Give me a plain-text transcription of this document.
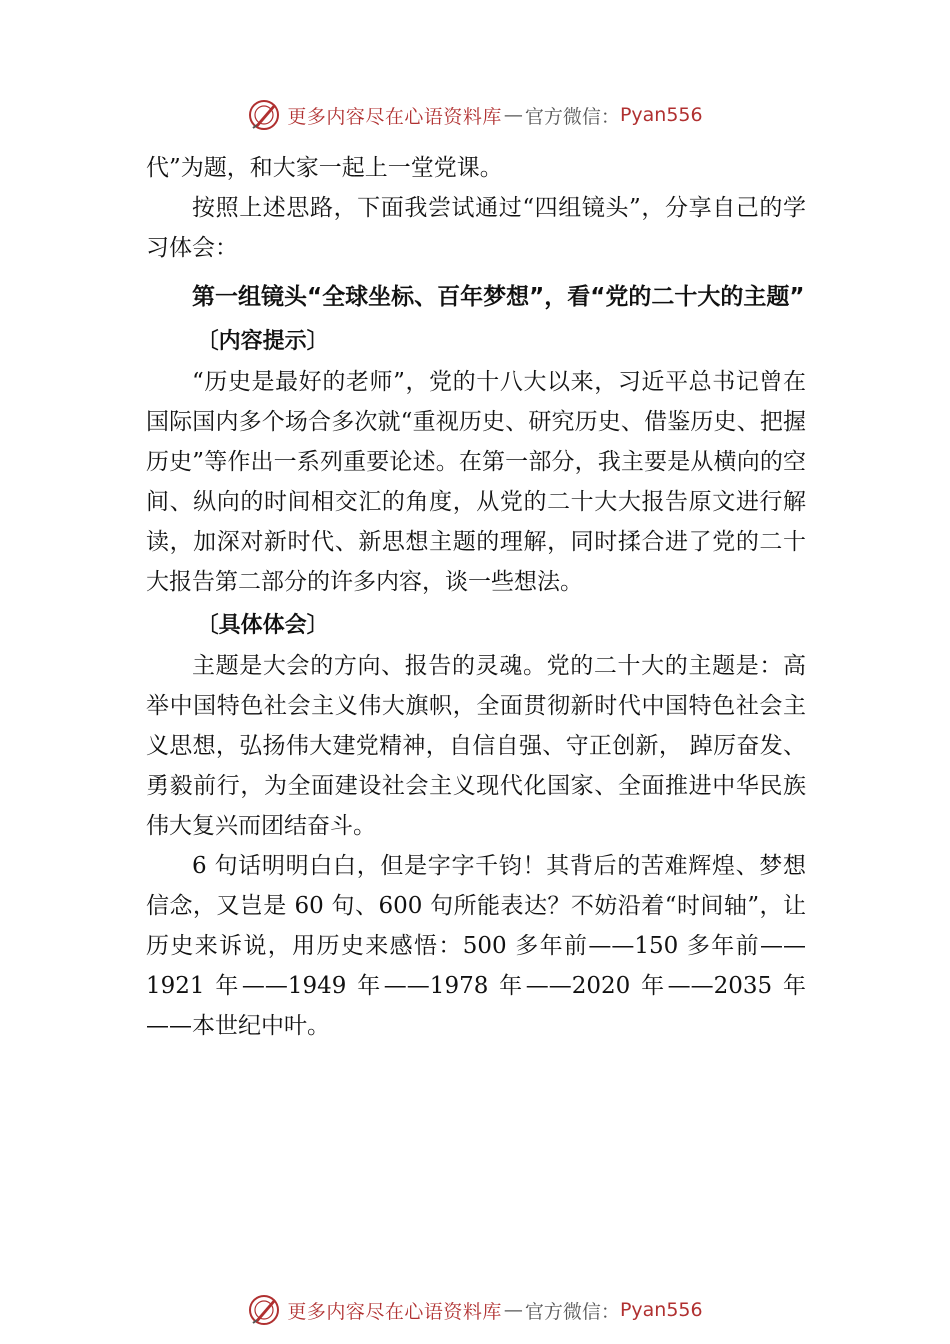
更多内容尽在心语资料库 — 官方微信： Pyan556

代”为题，和大家一起上一堂党课。

按照上述思路，下面我尝试通过“四组镜头”，分享自己的学习体会：

第一组镜头“全球坐标、百年梦想”，看“党的二十大的主题”
〔内容提示〕

“历史是最好的老师”，党的十八大以来，习近平总书记曾在国际国内多个场合多次就“重视历史、研究历史、借鉴历史、把握历史”等作出一系列重要论述。在第一部分，我主要是从横向的空间、纵向的时间相交汇的角度，从党的二十大大报告原文进行解读，加深对新时代、新思想主题的理解，同时揉合进了党的二十大报告第二部分的许多内容，谈一些想法。

〔具体体会〕

主题是大会的方向、报告的灵魂。党的二十大的主题是：高举中国特色社会主义伟大旗帜，全面贯彻新时代中国特色社会主义思想，弘扬伟大建党精神，自信自强、守正创新， 踔厉奋发、勇毅前行，为全面建设社会主义现代化国家、全面推进中华民族伟大复兴而团结奋斗。

6 句话明明白白，但是字字千钧！其背后的苦难辉煌、梦想信念，又岂是 60 句、600 句所能表达？不妨沿着“时间轴”，让历史来诉说，用历史来感悟：500 多年前——150 多年前——1921 年——1949 年——1978 年——2020 年——2035 年——本世纪中叶。

更多内容尽在心语资料库 — 官方微信： Pyan556
